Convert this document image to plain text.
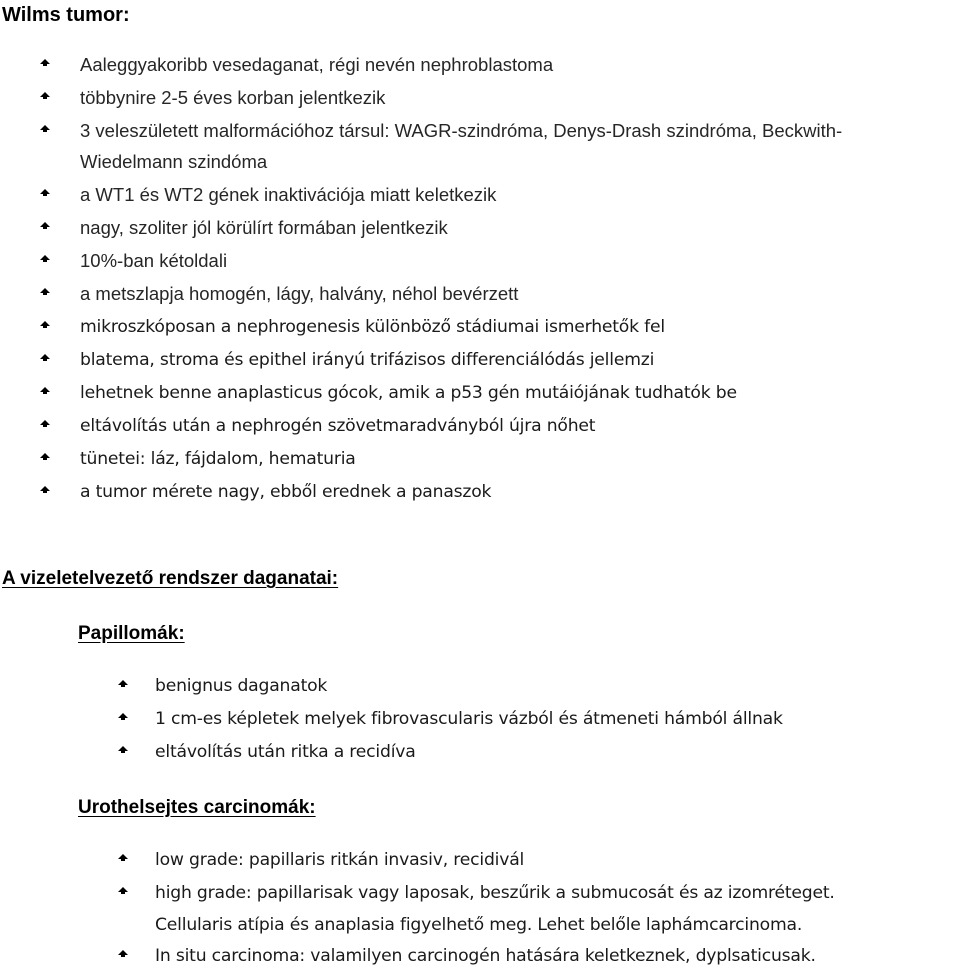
Wilms tumor:
Aaleggyakoribb vesedaganat, régi nevén nephroblastoma
többynire 2-5 éves korban jelentkezik
3 veleszületett malformációhoz társul: WAGR-szindróma, Denys-Drash szindróma, Beckwith-
Wiedelmann szindóma
a WT1 és WT2 gének inaktivációja miatt keletkezik
nagy, szoliter jól körülírt formában jelentkezik
10%-ban kétoldali
a metszlapja homogén, lágy, halvány, néhol bevérzett
mikroszkóposan a nephrogenesis különböző stádiumai ismerhetők fel
blatema, stroma és epithel irányú trifázisos differenciálódás jellemzi
lehetnek benne anaplasticus gócok, amik a p53 gén mutáiójának tudhatók be
eltávolítás után a nephrogén szövetmaradványból újra nőhet
tünetei: láz, fájdalom, hematuria
a tumor mérete nagy, ebből erednek a panaszok
A vizeletelvezető rendszer daganatai:
Papillomák:
benignus daganatok
1 cm-es képletek melyek fibrovascularis vázból és átmeneti hámból állnak
eltávolítás után ritka a recidíva
Urothelsejtes carcinomák:
low grade: papillaris ritkán invasiv, recidivál
high grade: papillarisak vagy laposak, beszűrik a submucosát és az izomréteget.
Cellularis atípia és anaplasia figyelhető meg. Lehet belőle laphámcarcinoma.
In situ carcinoma: valamilyen carcinogén hatására keletkeznek, dyplsaticusak.
